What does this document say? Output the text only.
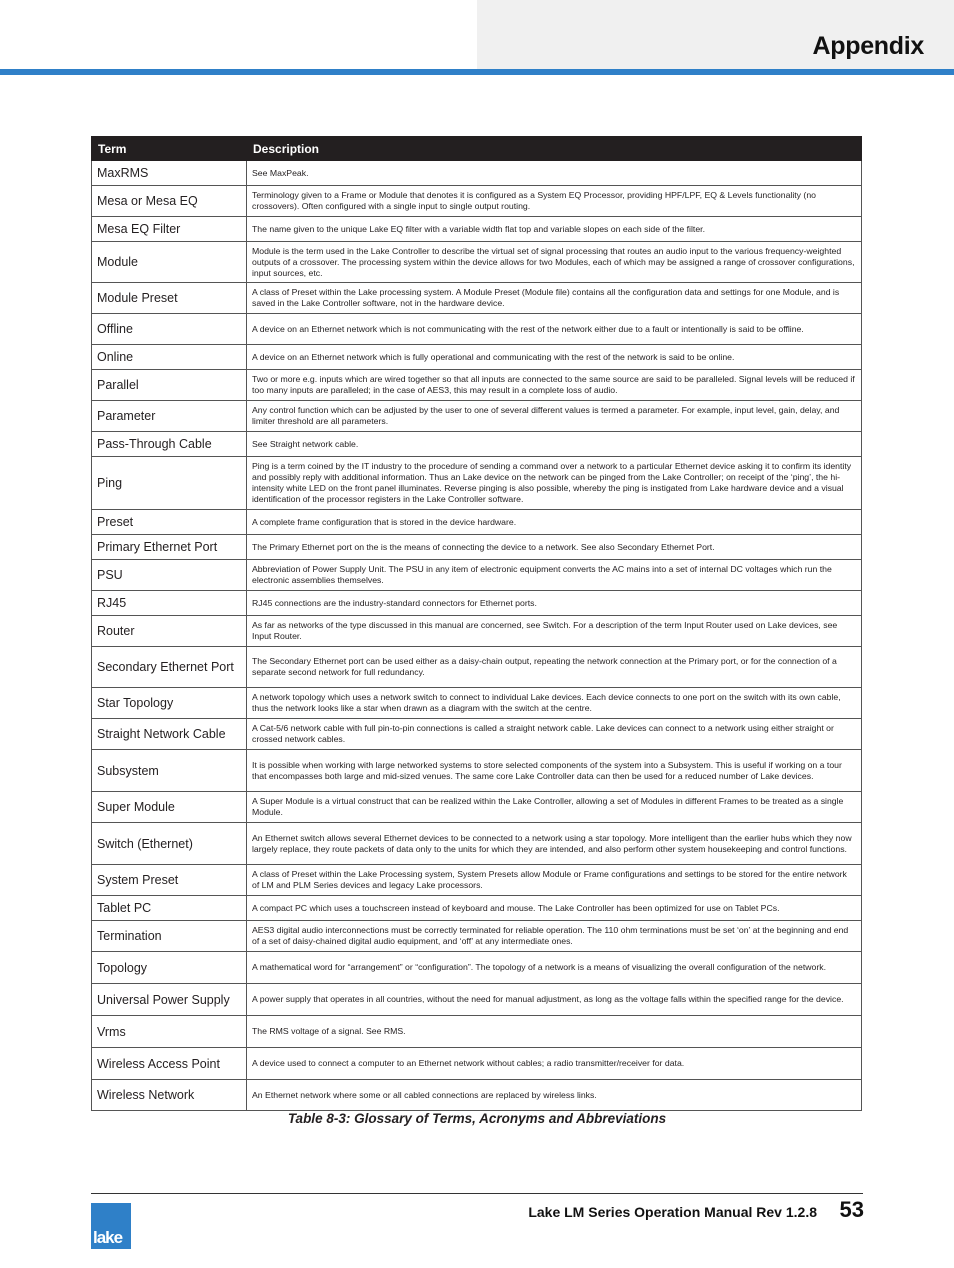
Appendix
Term	Description
MaxRMS	See MaxPeak.
Mesa or Mesa EQ	Terminology given to a Frame or Module that denotes it is configured as a System EQ Processor, providing HPF/LPF, EQ & Levels functionality (no crossovers). Often configured with a single input to single output routing.
Mesa EQ Filter	The name given to the unique Lake EQ filter with a variable width flat top and variable slopes on each side of the filter.
Module	Module is the term used in the Lake Controller to describe the virtual set of signal processing that routes an audio input to the various frequency-weighted outputs of a crossover. The processing system within the device allows for two Modules, each of which may be assigned a range of crossover configurations, input sources, etc.
Module Preset	A class of Preset within the Lake processing system. A Module Preset (Module file) contains all the configuration data and settings for one Module, and is saved in the Lake Controller software, not in the hardware device.
Offline	A device on an Ethernet network which is not communicating with the rest of the network either due to a fault or intentionally is said to be offline.
Online	A device on an Ethernet network which is fully operational and communicating with the rest of the network is said to be online.
Parallel	Two or more e.g. inputs which are wired together so that all inputs are connected to the same source are said to be paralleled. Signal levels will be reduced if too many inputs are paralleled; in the case of AES3, this may result in a complete loss of audio.
Parameter	Any control function which can be adjusted by the user to one of several different values is termed a parameter. For example, input level, gain, delay, and limiter threshold are all parameters.
Pass-Through Cable	See Straight network cable.
Ping	Ping is a term coined by the IT industry to the procedure of sending a command over a network to a particular Ethernet device asking it to confirm its identity and possibly reply with additional information. Thus an Lake device on the network can be pinged from the Lake Controller; on receipt of the ‘ping’, the hi-intensity white LED on the front panel illuminates. Reverse pinging is also possible, whereby the ping is instigated from Lake hardware device and a visual identification of the processor registers in the Lake Controller software.
Preset	A complete frame configuration that is stored in the device hardware.
Primary Ethernet Port	The Primary Ethernet port on the is the means of connecting the device to a network. See also Secondary Ethernet Port.
PSU	Abbreviation of Power Supply Unit. The PSU in any item of electronic equipment converts the AC mains into a set of internal DC voltages which run the electronic assemblies themselves.
RJ45	RJ45 connections are the industry-standard connectors for Ethernet ports.
Router	As far as networks of the type discussed in this manual are concerned, see Switch. For a description of the term Input Router used on Lake devices, see Input Router.
Secondary Ethernet Port	The Secondary Ethernet port can be used either as a daisy-chain output, repeating the network connection at the Primary port, or for the connection of a separate second network for full redundancy.
Star Topology	A network topology which uses a network switch to connect to individual Lake devices. Each device connects to one port on the switch with its own cable, thus the network looks like a star when drawn as a diagram with the switch at the centre.
Straight Network Cable	A Cat-5/6 network cable with full pin-to-pin connections is called a straight network cable. Lake devices can connect to a network using either straight or crossed network cables.
Subsystem	It is possible when working with large networked systems to store selected components of the system into a Subsystem. This is useful if working on a tour that encompasses both large and mid-sized venues. The same core Lake Controller data can then be used for a reduced number of Lake devices.
Super Module	A Super Module is a virtual construct that can be realized within the Lake Controller, allowing a set of Modules in different Frames to be treated as a single Module.
Switch (Ethernet)	An Ethernet switch allows several Ethernet devices to be connected to a network using a star topology. More intelligent than the earlier hubs which they now largely replace, they route packets of data only to the units for which they are intended, and also perform other system housekeeping and control functions.
System Preset	A class of Preset within the Lake Processing system, System Presets allow Module or Frame configurations and settings to be stored for the entire network of LM and PLM Series devices and legacy Lake processors.
Tablet PC	A compact PC which uses a touchscreen instead of keyboard and mouse. The Lake Controller has been optimized for use on Tablet PCs.
Termination	AES3 digital audio interconnections must be correctly terminated for reliable operation. The 110 ohm terminations must be set ‘on’ at the beginning and end of a set of daisy-chained digital audio equipment, and ‘off’ at any intermediate ones.
Topology	A mathematical word for “arrangement” or “configuration”. The topology of a network is a means of visualizing the overall configuration of the network.
Universal Power Supply	A power supply that operates in all countries, without the need for manual adjustment, as long as the voltage falls within the specified range for the device.
Vrms	The RMS voltage of a signal. See RMS.
Wireless Access Point	A device used to connect a computer to an Ethernet network without cables; a radio transmitter/receiver for data.
Wireless Network	An Ethernet network where some or all cabled connections are replaced by wireless links.
Table 8-3: Glossary of Terms, Acronyms and Abbreviations
lake
Lake LM Series Operation Manual Rev 1.2.8 53
